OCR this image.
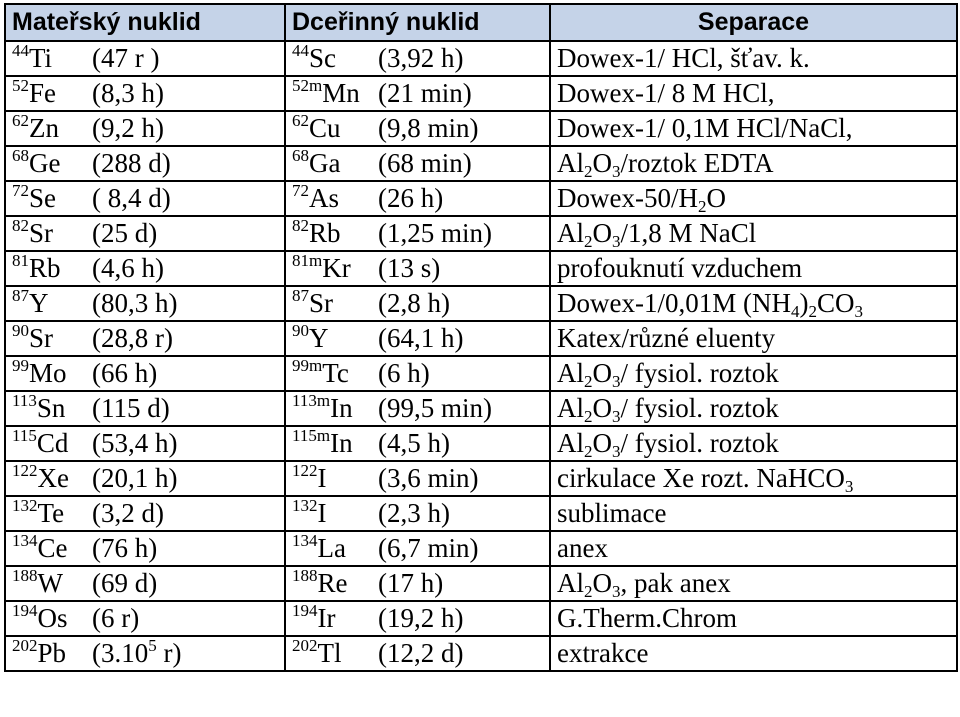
Mateřský nuklid	Dceřinný nuklid	Separace

$^{44}$Ti (47 r )	$^{44}$Sc (3,92 h)	Dowex-1/ HCl, šťav. k.

$^{52}$Fe (8,3 h)	$^{52m}$Mn (21 min)	Dowex-1/ 8 M HCl,

$^{62}$Zn (9,2 h)	$^{62}$Cu (9,8 min)	Dowex-1/ 0,1M HCl/NaCl,

$^{68}$Ge (288 d)	$^{68}$Ga (68 min)	$Al_2O_3$/roztok EDTA

$^{72}$Se ( 8,4 d)	$^{72}$As (26 h)	Dowex-$50/H_2O$

$^{82}$Sr (25 d)	$^{82}$Rb (1,25 min)	$Al_2O_3/1,8$ M NaCl

$^{81}$Rb (4,6 h)	$^{81m}$Kr (13 s)	profouknutí vzduchem

$^{87}$Y (80,3 h)	$^{87}$Sr (2,8 h)	Dowex-1/0,01M $(NH_4)_2CO_3$

$^{90}$Sr (28,8 r)	$^{90}$Y (64,1 h)	Katex/různé eluenty

$^{99}$Mo (66 h)	$^{99m}$Tc (6 h)	$Al_2O_3/$ fysiol. roztok

$^{113}$Sn (115 d)	$^{113m}$In (99,5 min)	$Al_2O_3/$ fysiol. roztok

$^{115}$Cd (53,4 h)	$^{115m}$In (4,5 h)	$Al_2O_3/$ fysiol. roztok

$^{122}$Xe (20,1 h)	$^{122}$I (3,6 min)	cirkulace Xe rozt. NaHCO$_3$

$^{132}$Te (3,2 d)	$^{132}$I (2,3 h)	sublimace

$^{134}$Ce (76 h)	$^{134}$La (6,7 min)	anex

$^{188}$W (69 d)	$^{188}$Re (17 h)	$Al_2O_3$, pak anex

$^{194}$Os (6 r)	$^{194}$Ir (19,2 h)	G.Therm.Chrom

$^{202}$Pb (3.10$^5$ r)	$^{202}$Tl (12,2 d)	extrakce
